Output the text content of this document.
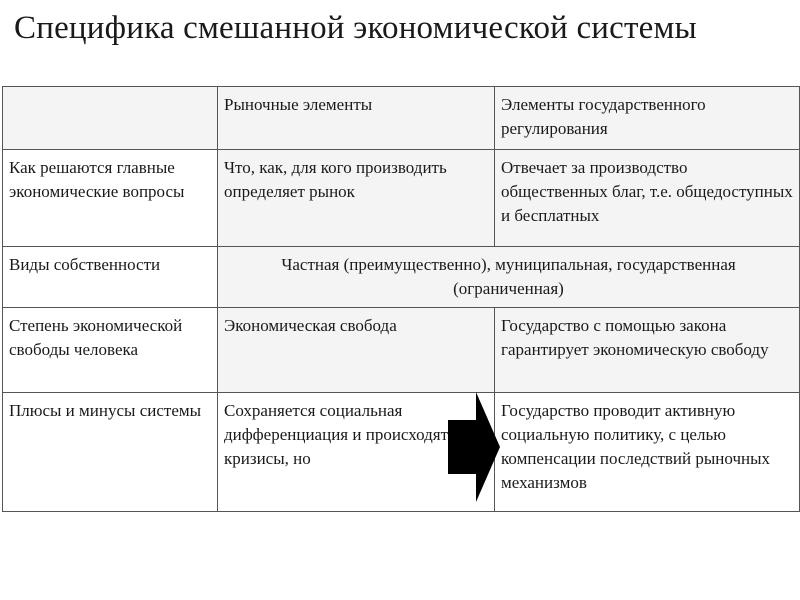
Специфика смешанной экономической системы
	Рыночные элементы	Элементы государственного регулирования
Как решаются главные экономические вопросы	Что, как, для кого производить определяет рынок	Отвечает за производство общественных благ, т.е. общедоступных и бесплатных
Виды собственности	Частная (преимущественно), муниципальная, государственная (ограниченная)	
Степень экономической свободы человека	Экономическая свобода	Государство с помощью закона гарантирует экономическую свободу
Плюсы и минусы системы	Сохраняется социальная дифференциация и происходят кризисы, но	Государство проводит активную социальную политику, с целью компенсации последствий рыночных механизмов
